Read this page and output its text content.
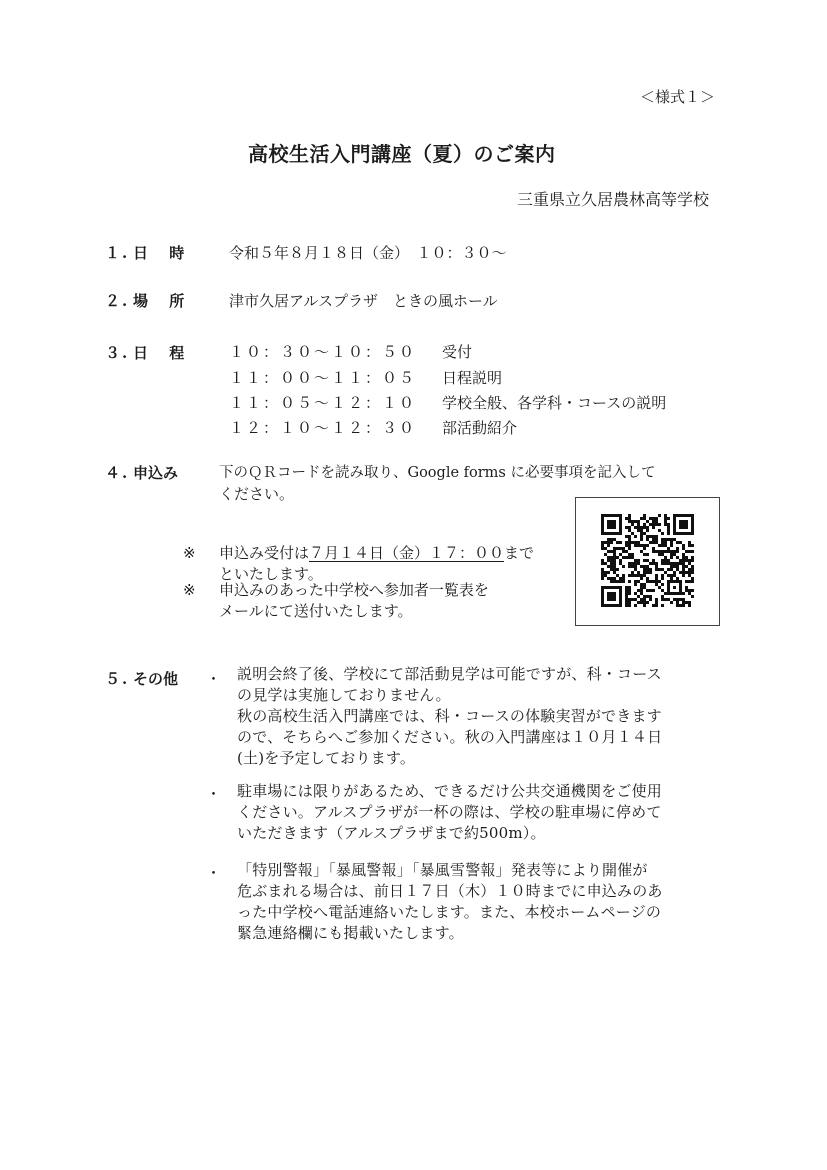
＜様式１＞
高校生活入門講座（夏）のご案内
三重県立久居農林高等学校
１. 日 時 令和５年８月１８日（金）　１０：３０～
２. 場 所 津市久居アルスプラザ　ときの風ホール
３. 日 程 １０：３０～１０：５０ 受付
１１：００～１１：０５ 日程説明
１１：０５～１２：１０ 学校全般、各学科・コースの説明
１２：１０～１２：３０ 部活動紹介
４. 申込み	下のＱＲコードを読み取り、Google forms に必要事項を記入して
ください。
※ 申込み受付は７月１４日（金）１７：００まで
といたします。
※ 申込みのあった中学校へ参加者一覧表を
メールにて送付いたします。
５. その他 ・ 説明会終了後、学校にて部活動見学は可能ですが、科・コース
の見学は実施しておりません。
秋の高校生活入門講座では、科・コースの体験実習ができます
ので、そちらへご参加ください。秋の入門講座は１０月１４日
(土)を予定しております。
・ 駐車場には限りがあるため、できるだけ公共交通機関をご使用
ください。アルスプラザが一杯の際は、学校の駐車場に停めて
いただきます（アルスプラザまで約500m）。
・ 「特別警報」「暴風警報」「暴風雪警報」発表等により開催が
危ぶまれる場合は、前日１７日（木）１０時までに申込みのあ
った中学校へ電話連絡いたします。また、本校ホームページの
緊急連絡欄にも掲載いたします。
